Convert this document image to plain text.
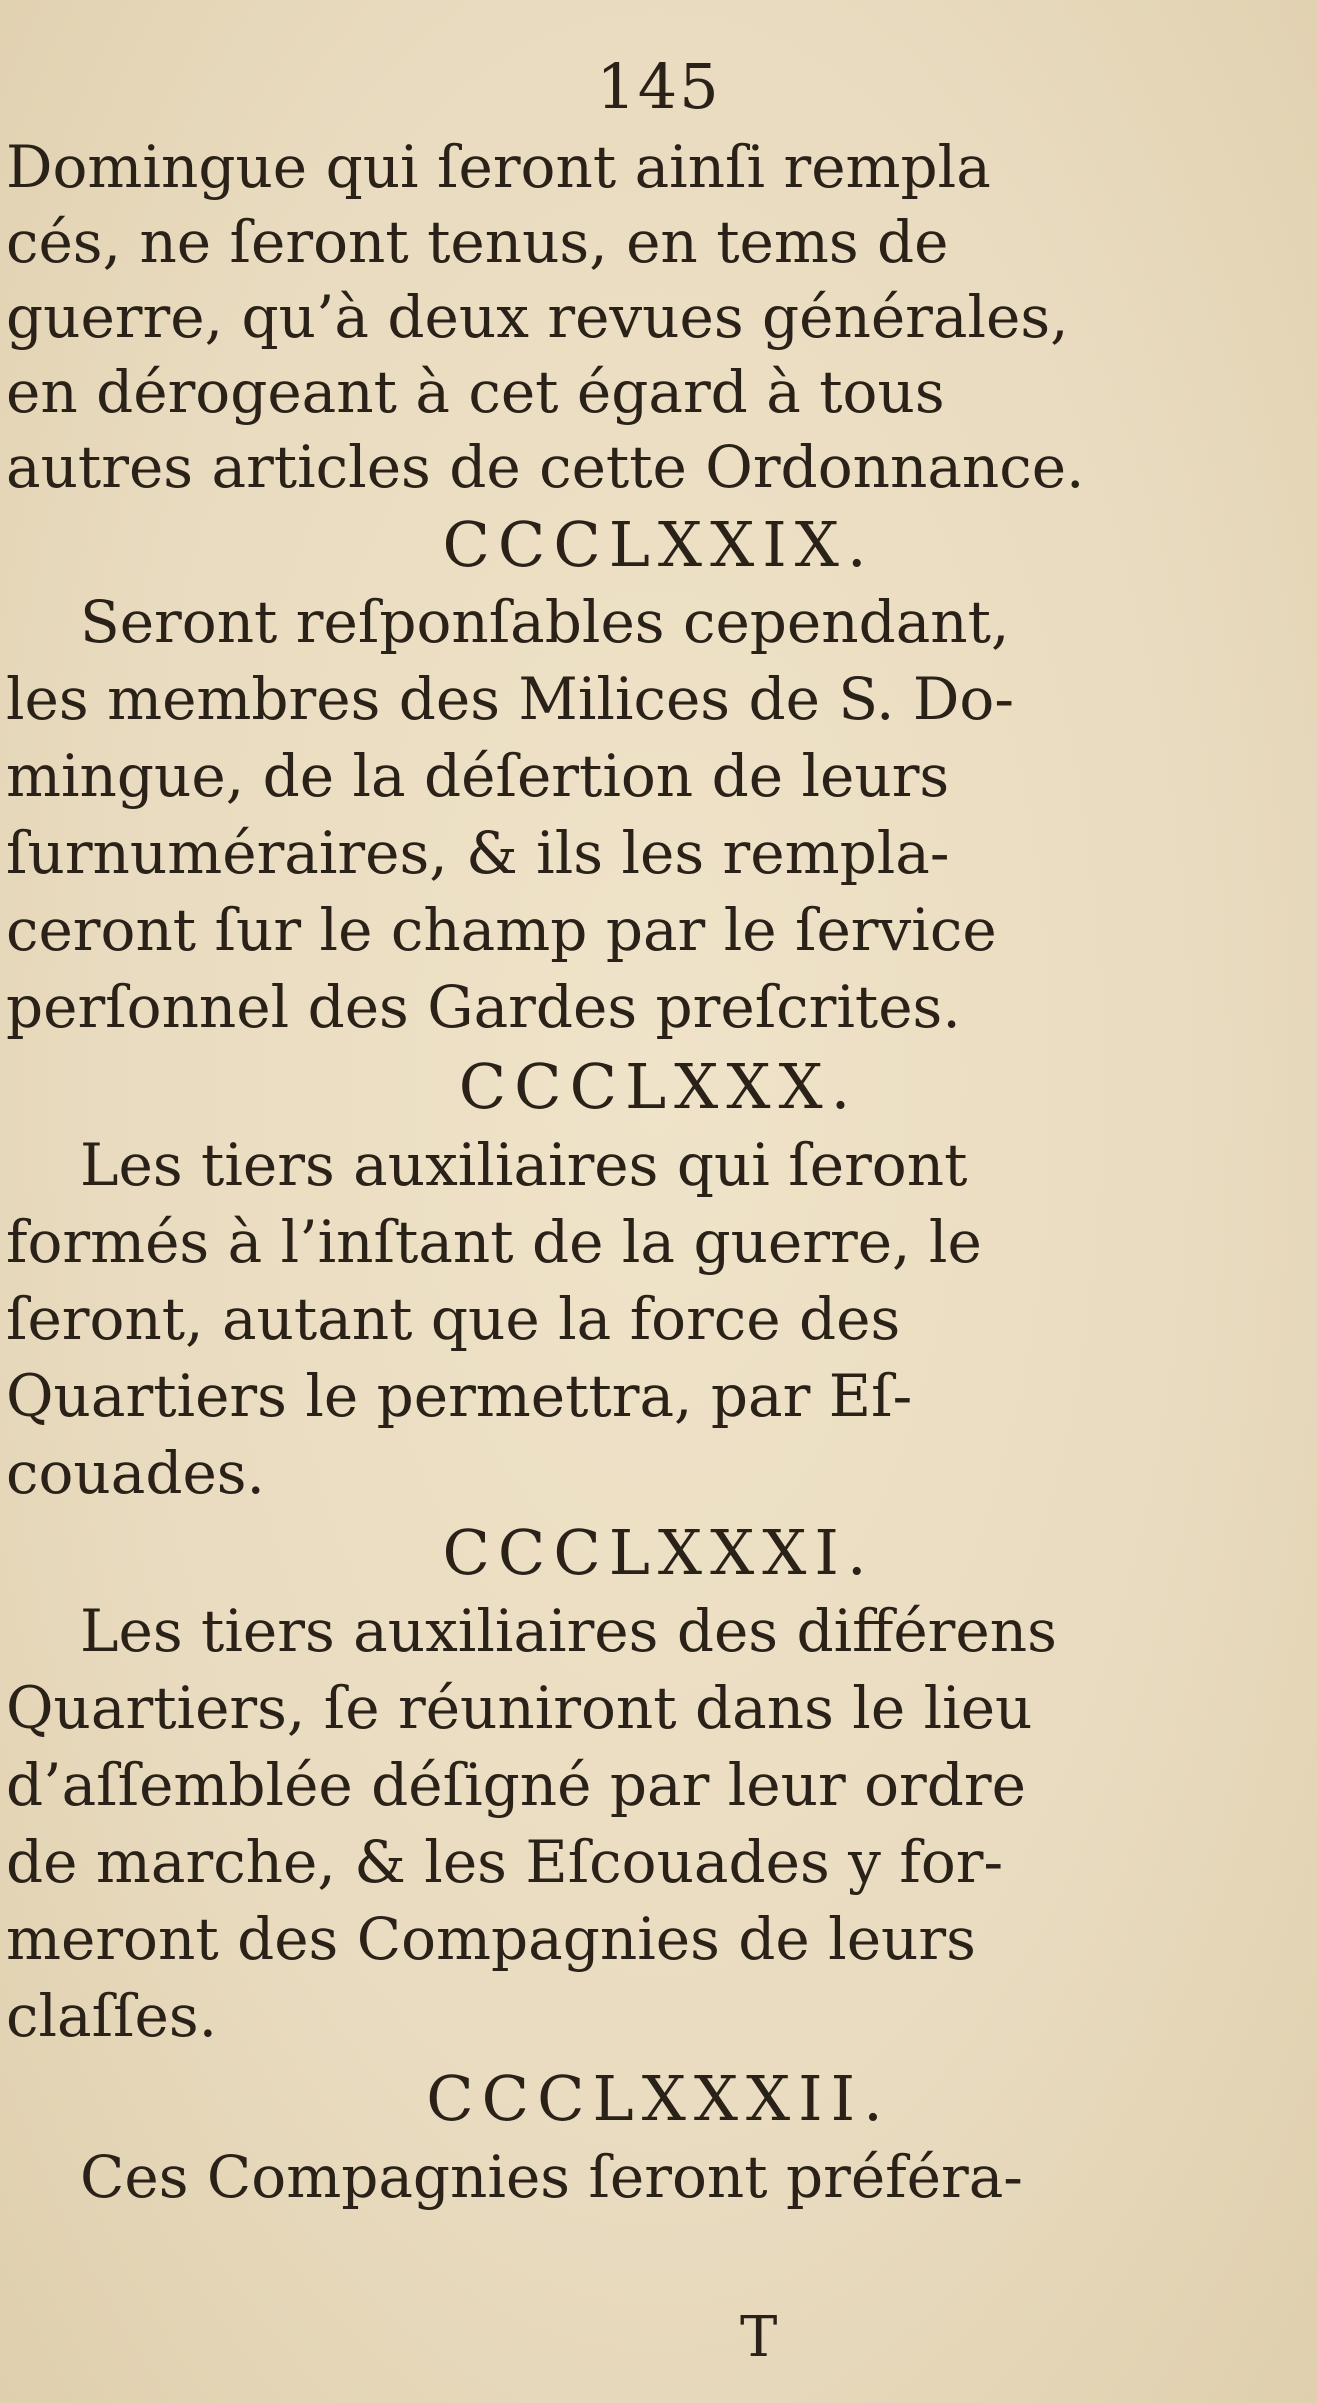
145
Domingue qui ſeront ainſi rempla
cés, ne ſeront tenus, en tems de
guerre, qu’à deux revues générales,
en dérogeant à cet égard à tous
autres articles de cette Ordonnance.
CCCLXXIX.
Seront reſponſables cependant,
les membres des Milices de S. Do-
mingue, de la déſertion de leurs
ſurnuméraires, & ils les rempla-
ceront ſur le champ par le ſervice
perſonnel des Gardes preſcrites.
CCCLXXX.
Les tiers auxiliaires qui ſeront
formés à l’inſtant de la guerre, le
ſeront, autant que la force des
Quartiers le permettra, par Eſ-
couades.
CCCLXXXI.
Les tiers auxiliaires des différens
Quartiers, ſe réuniront dans le lieu
d’aſſemblée déſigné par leur ordre
de marche, & les Eſcouades y for-
meront des Compagnies de leurs
claſſes.
CCCLXXXII.
Ces Compagnies ſeront préféra-
T
